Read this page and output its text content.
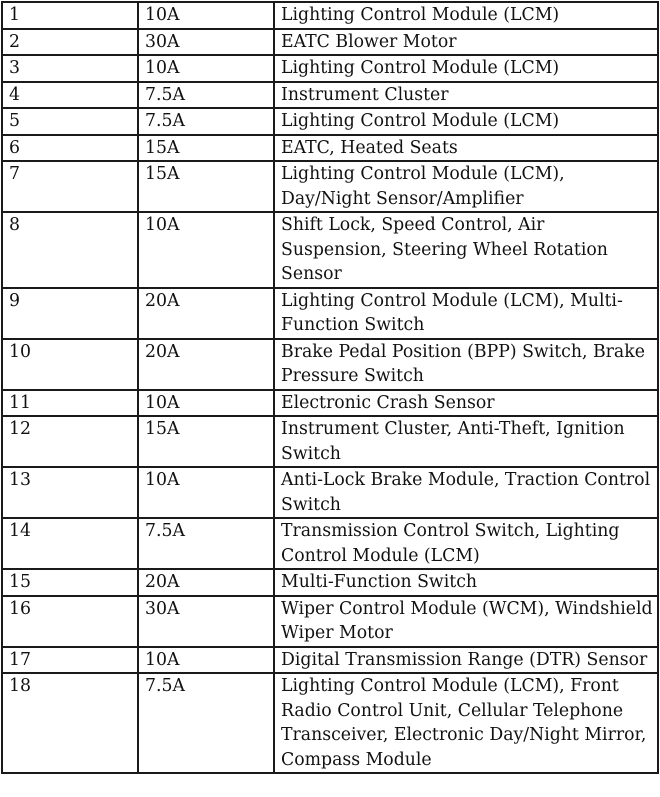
1	10A	Lighting Control Module (LCM)
2	30A	EATC Blower Motor
3	10A	Lighting Control Module (LCM)
4	7.5A	Instrument Cluster
5	7.5A	Lighting Control Module (LCM)
6	15A	EATC, Heated Seats
7	15A	Lighting Control Module (LCM), Day/Night Sensor/Amplifier
8	10A	Shift Lock, Speed Control, Air Suspension, Steering Wheel Rotation Sensor
9	20A	Lighting Control Module (LCM), Multi-Function Switch
10	20A	Brake Pedal Position (BPP) Switch, Brake Pressure Switch
11	10A	Electronic Crash Sensor
12	15A	Instrument Cluster, Anti-Theft, Ignition Switch
13	10A	Anti-Lock Brake Module, Traction Control Switch
14	7.5A	Transmission Control Switch, Lighting Control Module (LCM)
15	20A	Multi-Function Switch
16	30A	Wiper Control Module (WCM), Windshield Wiper Motor
17	10A	Digital Transmission Range (DTR) Sensor
18	7.5A	Lighting Control Module (LCM), Front Radio Control Unit, Cellular Telephone Transceiver, Electronic Day/Night Mirror, Compass Module
